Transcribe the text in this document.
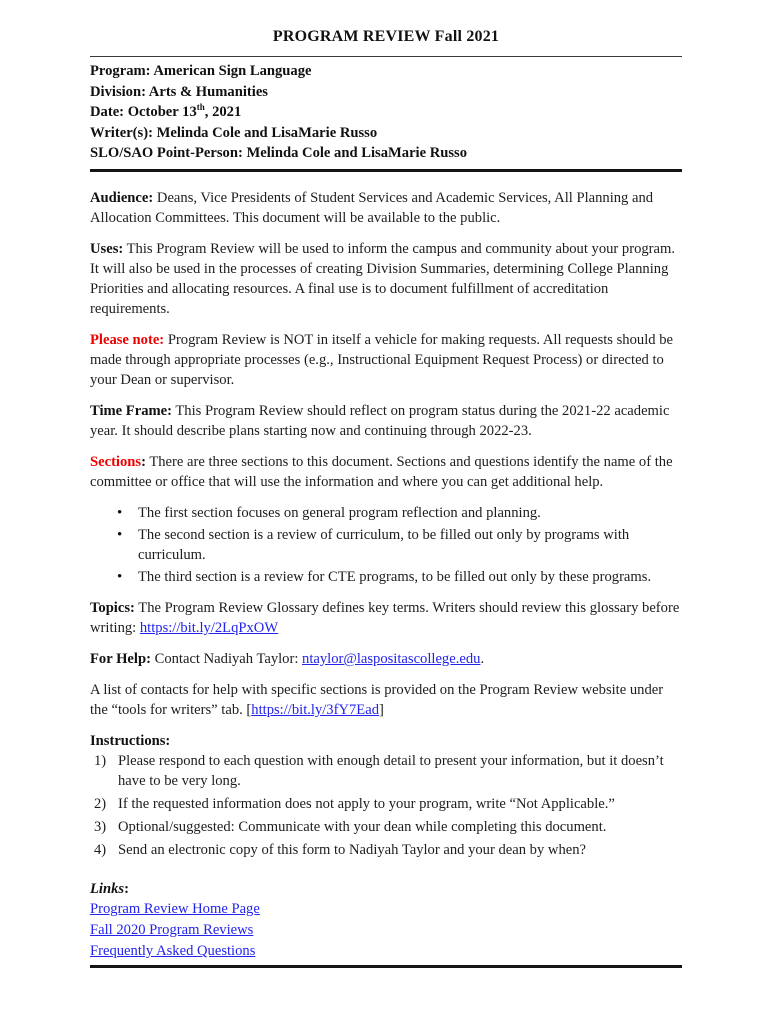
PROGRAM REVIEW Fall 2021
Program: American Sign Language
Division: Arts & Humanities
Date: October 13th, 2021
Writer(s): Melinda Cole and LisaMarie Russo
SLO/SAO Point-Person: Melinda Cole and LisaMarie Russo

Audience: Deans, Vice Presidents of Student Services and Academic Services, All Planning and Allocation Committees. This document will be available to the public.

Uses: This Program Review will be used to inform the campus and community about your program. It will also be used in the processes of creating Division Summaries, determining College Planning Priorities and allocating resources. A final use is to document fulfillment of accreditation requirements.

Please note: Program Review is NOT in itself a vehicle for making requests. All requests should be made through appropriate processes (e.g., Instructional Equipment Request Process) or directed to your Dean or supervisor.

Time Frame: This Program Review should reflect on program status during the 2021-22 academic year. It should describe plans starting now and continuing through 2022-23.

Sections: There are three sections to this document. Sections and questions identify the name of the committee or office that will use the information and where you can get additional help.

• The first section focuses on general program reflection and planning.
• The second section is a review of curriculum, to be filled out only by programs with curriculum.
• The third section is a review for CTE programs, to be filled out only by these programs.

Topics: The Program Review Glossary defines key terms. Writers should review this glossary before writing: https://bit.ly/2LqPxOW

For Help: Contact Nadiyah Taylor: ntaylor@laspositascollege.edu.

A list of contacts for help with specific sections is provided on the Program Review website under the “tools for writers” tab. [https://bit.ly/3fY7Ead]

Instructions:

1) Please respond to each question with enough detail to present your information, but it doesn’t have to be very long.
2) If the requested information does not apply to your program, write “Not Applicable.”
3) Optional/suggested: Communicate with your dean while completing this document.
4) Send an electronic copy of this form to Nadiyah Taylor and your dean by when?

Links:

Program Review Home Page
Fall 2020 Program Reviews
Frequently Asked Questions
